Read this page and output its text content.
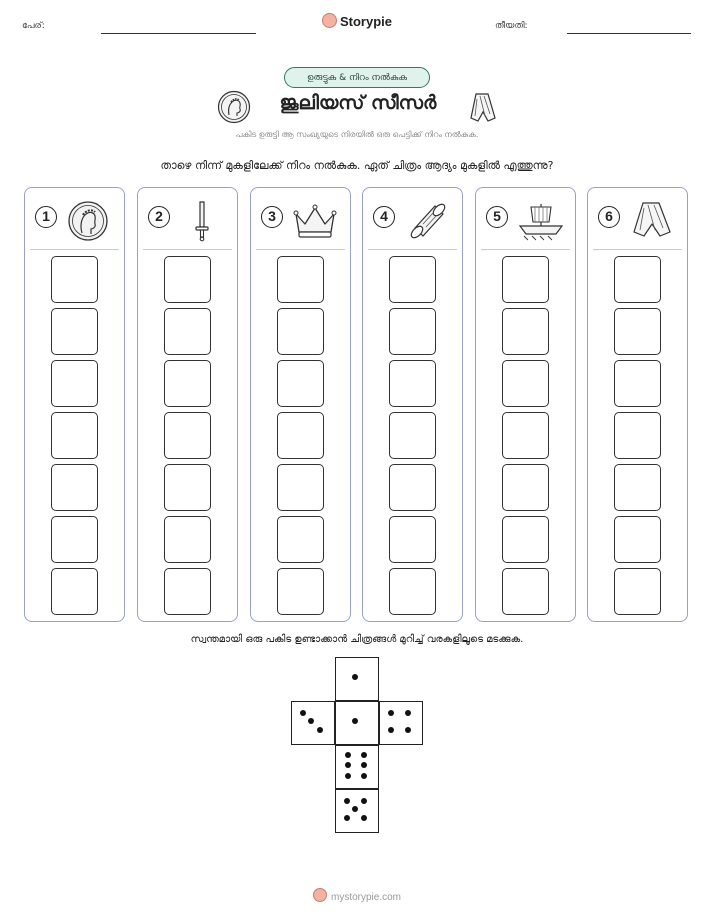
പേര്:	Storypie	തീയതി:
ഉരുട്ടുക & നിറം നൽകുക
ജൂലിയസ് സീസർ
പകിട ഉരുട്ടി ആ സംഖ്യയുടെ നിരയിൽ ഒരു പെട്ടിക്ക് നിറം നൽകുക.
താഴെ നിന്ന് മുകളിലേക്ക് നിറം നൽകുക. ഏത് ചിത്രം ആദ്യം മുകളിൽ എത്തുന്നു?
1	2	3	4	5	6
സ്വന്തമായി ഒരു പകിട ഉണ്ടാക്കാൻ ചിത്രങ്ങൾ മുറിച്ച് വരകളിലൂടെ മടക്കുക.
mystorypie.com
